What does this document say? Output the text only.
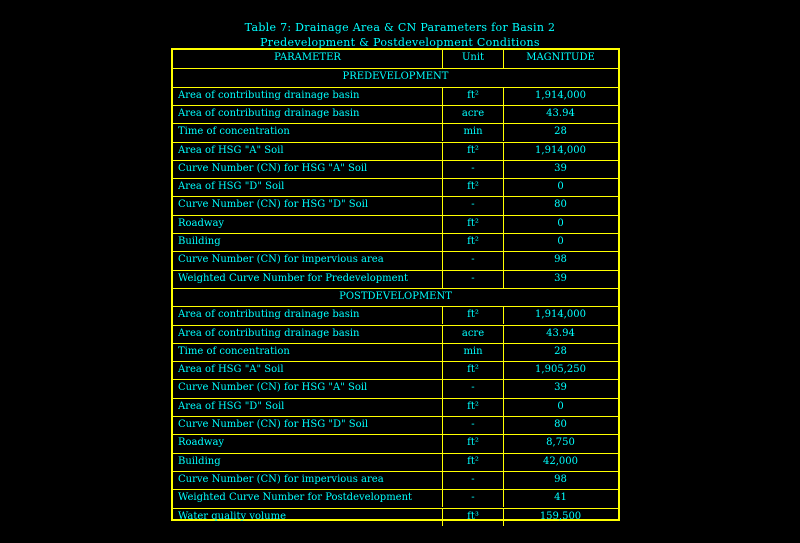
Table 7: Drainage Area & CN Parameters for Basin 2
Predevelopment & Postdevelopment Conditions
PARAMETER	Unit	MAGNITUDE
PREDEVELOPMENT
Area of contributing drainage basin	ft²	1,914,000
Area of contributing drainage basin	acre	43.94
Time of concentration	min	28
Area of HSG "A" Soil	ft²	1,914,000
Curve Number (CN) for HSG "A" Soil	-	39
Area of HSG "D" Soil	ft²	0
Curve Number (CN) for HSG "D" Soil	-	80
Roadway	ft²	0
Building	ft²	0
Curve Number (CN) for impervious area	-	98
Weighted Curve Number for Predevelopment	-	39
POSTDEVELOPMENT
Area of contributing drainage basin	ft²	1,914,000
Area of contributing drainage basin	acre	43.94
Time of concentration	min	28
Area of HSG "A" Soil	ft²	1,905,250
Curve Number (CN) for HSG "A" Soil	-	39
Area of HSG "D" Soil	ft²	0
Curve Number (CN) for HSG "D" Soil	-	80
Roadway	ft²	8,750
Building	ft²	42,000
Curve Number (CN) for impervious area	-	98
Weighted Curve Number for Postdevelopment	-	41
Water quality volume	ft³	159,500
